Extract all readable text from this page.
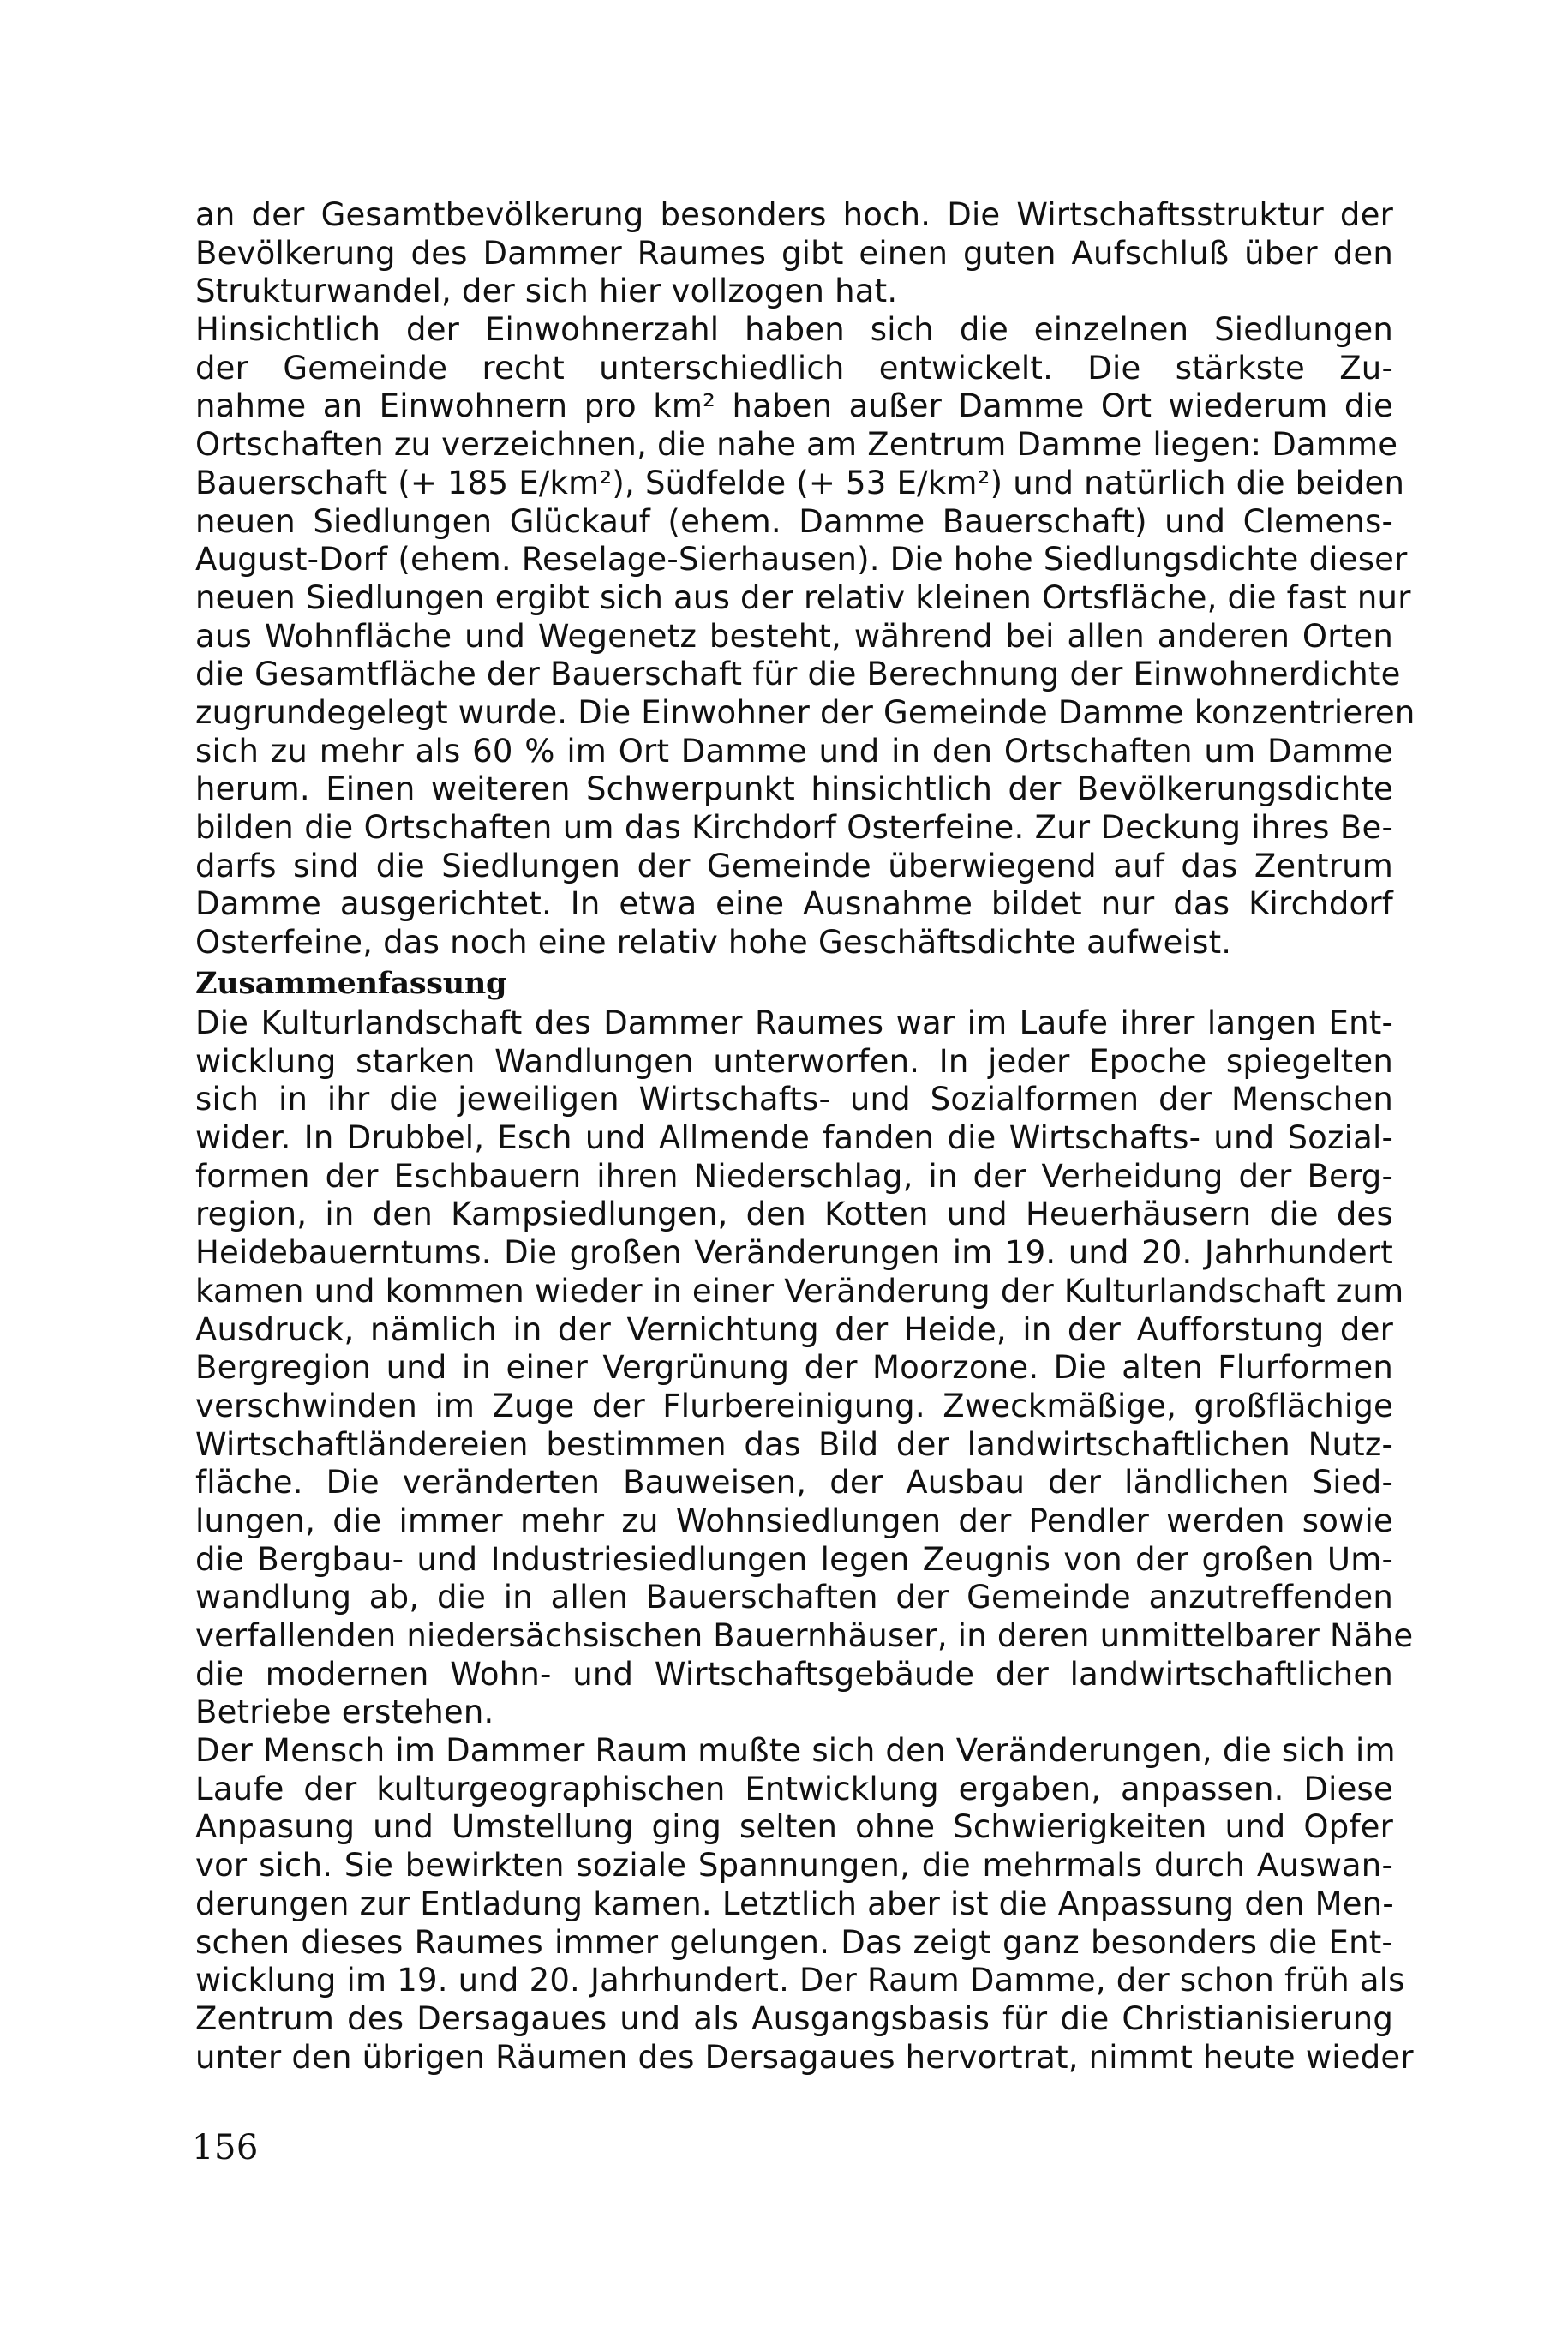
an der Gesamtbevölkerung besonders hoch. Die Wirtschaftsstruktur der
Bevölkerung des Dammer Raumes gibt einen guten Aufschluß über den
Strukturwandel, der sich hier vollzogen hat.
Hinsichtlich der Einwohnerzahl haben sich die einzelnen Siedlungen
der Gemeinde recht unterschiedlich entwickelt. Die stärkste Zu-
nahme an Einwohnern pro km² haben außer Damme Ort wiederum die
Ortschaften zu verzeichnen, die nahe am Zentrum Damme liegen: Damme
Bauerschaft (+ 185 E/km²), Südfelde (+ 53 E/km²) und natürlich die beiden
neuen Siedlungen Glückauf (ehem. Damme Bauerschaft) und Clemens-
August-Dorf (ehem. Reselage-Sierhausen). Die hohe Siedlungsdichte dieser
neuen Siedlungen ergibt sich aus der relativ kleinen Ortsfläche, die fast nur
aus Wohnfläche und Wegenetz besteht, während bei allen anderen Orten
die Gesamtfläche der Bauerschaft für die Berechnung der Einwohnerdichte
zugrundegelegt wurde. Die Einwohner der Gemeinde Damme konzentrieren
sich zu mehr als 60 % im Ort Damme und in den Ortschaften um Damme
herum. Einen weiteren Schwerpunkt hinsichtlich der Bevölkerungsdichte
bilden die Ortschaften um das Kirchdorf Osterfeine. Zur Deckung ihres Be-
darfs sind die Siedlungen der Gemeinde überwiegend auf das Zentrum
Damme ausgerichtet. In etwa eine Ausnahme bildet nur das Kirchdorf
Osterfeine, das noch eine relativ hohe Geschäftsdichte aufweist.
Zusammenfassung
Die Kulturlandschaft des Dammer Raumes war im Laufe ihrer langen Ent-
wicklung starken Wandlungen unterworfen. In jeder Epoche spiegelten
sich in ihr die jeweiligen Wirtschafts- und Sozialformen der Menschen
wider. In Drubbel, Esch und Allmende fanden die Wirtschafts- und Sozial-
formen der Eschbauern ihren Niederschlag, in der Verheidung der Berg-
region, in den Kampsiedlungen, den Kotten und Heuerhäusern die des
Heidebauerntums. Die großen Veränderungen im 19. und 20. Jahrhundert
kamen und kommen wieder in einer Veränderung der Kulturlandschaft zum
Ausdruck, nämlich in der Vernichtung der Heide, in der Aufforstung der
Bergregion und in einer Vergrünung der Moorzone. Die alten Flurformen
verschwinden im Zuge der Flurbereinigung. Zweckmäßige, großflächige
Wirtschaftländereien bestimmen das Bild der landwirtschaftlichen Nutz-
fläche. Die veränderten Bauweisen, der Ausbau der ländlichen Sied-
lungen, die immer mehr zu Wohnsiedlungen der Pendler werden sowie
die Bergbau- und Industriesiedlungen legen Zeugnis von der großen Um-
wandlung ab, die in allen Bauerschaften der Gemeinde anzutreffenden
verfallenden niedersächsischen Bauernhäuser, in deren unmittelbarer Nähe
die modernen Wohn- und Wirtschaftsgebäude der landwirtschaftlichen
Betriebe erstehen.
Der Mensch im Dammer Raum mußte sich den Veränderungen, die sich im
Laufe der kulturgeographischen Entwicklung ergaben, anpassen. Diese
Anpasung und Umstellung ging selten ohne Schwierigkeiten und Opfer
vor sich. Sie bewirkten soziale Spannungen, die mehrmals durch Auswan-
derungen zur Entladung kamen. Letztlich aber ist die Anpassung den Men-
schen dieses Raumes immer gelungen. Das zeigt ganz besonders die Ent-
wicklung im 19. und 20. Jahrhundert. Der Raum Damme, der schon früh als
Zentrum des Dersagaues und als Ausgangsbasis für die Christianisierung
unter den übrigen Räumen des Dersagaues hervortrat, nimmt heute wieder
156
